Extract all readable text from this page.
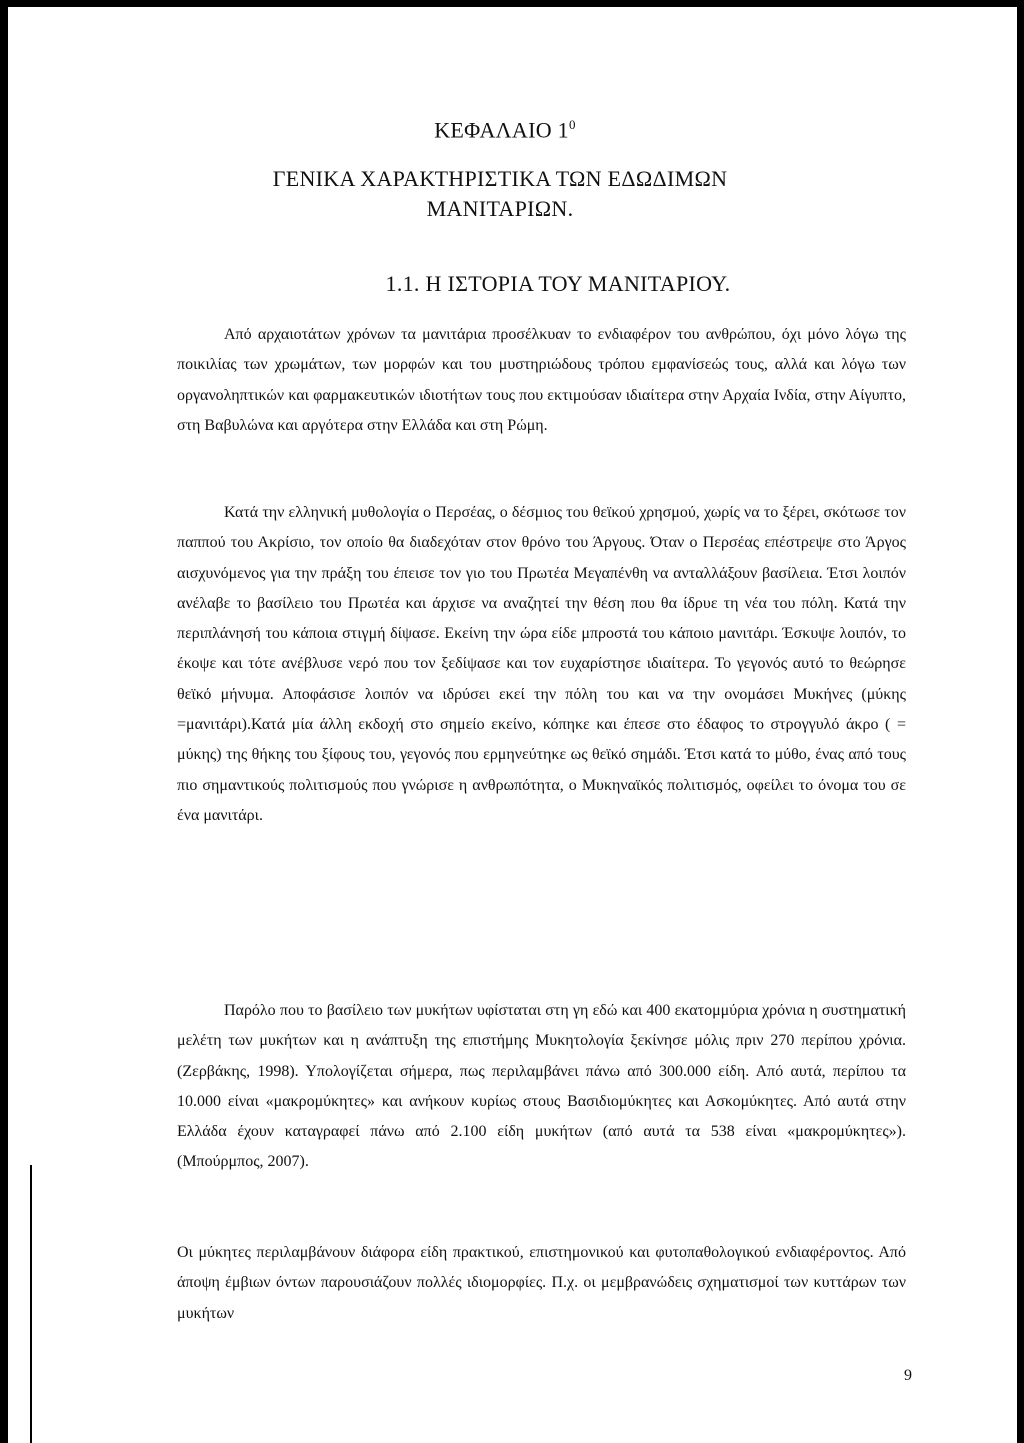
ΚΕΦΑΛΑΙΟ $1^0$
ΓΕΝΙΚΑ ΧΑΡΑΚΤΗΡΙΣΤΙΚΑ ΤΩΝ ΕΔΩΔΙΜΩΝ
ΜΑΝΙΤΑΡΙΩΝ.
1.1. Η ΙΣΤΟΡΙΑ ΤΟΥ ΜΑΝΙΤΑΡΙΟΥ.

Από αρχαιοτάτων χρόνων τα μανιτάρια προσέλκυαν το ενδιαφέρον του ανθρώπου, όχι μόνο λόγω της ποικιλίας των χρωμάτων, των μορφών και του μυστηριώδους τρόπου εμφανίσεώς τους, αλλά και λόγω των οργανοληπτικών και φαρμακευτικών ιδιοτήτων τους που εκτιμούσαν ιδιαίτερα στην Αρχαία Ινδία, στην Αίγυπτο, στη Βαβυλώνα και αργότερα στην Ελλάδα και στη Ρώμη.

Κατά την ελληνική μυθολογία ο Περσέας, ο δέσμιος του θεϊκού χρησμού, χωρίς να το ξέρει, σκότωσε τον παππού του Ακρίσιο, τον οποίο θα διαδεχόταν στον θρόνο του Άργους. Όταν ο Περσέας επέστρεψε στο Άργος αισχυνόμενος για την πράξη του έπεισε τον γιο του Πρωτέα Μεγαπένθη να ανταλλάξουν βασίλεια. Έτσι λοιπόν ανέλαβε το βασίλειο του Πρωτέα και άρχισε να αναζητεί την θέση που θα ίδρυε τη νέα του πόλη. Κατά την περιπλάνησή του κάποια στιγμή δίψασε. Εκείνη την ώρα είδε μπροστά του κάποιο μανιτάρι. Έσκυψε λοιπόν, το έκοψε και τότε ανέβλυσε νερό που τον ξεδίψασε και τον ευχαρίστησε ιδιαίτερα. Το γεγονός αυτό το θεώρησε θεϊκό μήνυμα. Αποφάσισε λοιπόν να ιδρύσει εκεί την πόλη του και να την ονομάσει Μυκήνες (μύκης =μανιτάρι).Κατά μία άλλη εκδοχή στο σημείο εκείνο, κόπηκε και έπεσε στο έδαφος το στρογγυλό άκρο ( = μύκης) της θήκης του ξίφους του, γεγονός που ερμηνεύτηκε ως θεϊκό σημάδι. Έτσι κατά το μύθο, ένας από τους πιο σημαντικούς πολιτισμούς που γνώρισε η ανθρωπότητα, ο Μυκηναϊκός πολιτισμός, οφείλει το όνομα του σε ένα μανιτάρι.

Παρόλο που το βασίλειο των μυκήτων υφίσταται στη γη εδώ και 400 εκατομμύρια χρόνια η συστηματική μελέτη των μυκήτων και η ανάπτυξη της επιστήμης Μυκητολογία ξεκίνησε μόλις πριν 270 περίπου χρόνια. (Ζερβάκης, 1998). Υπολογίζεται σήμερα, πως περιλαμβάνει πάνω από 300.000 είδη. Από αυτά, περίπου τα 10.000 είναι «μακρομύκητες» και ανήκουν κυρίως στους Βασιδιομύκητες και Ασκομύκητες. Από αυτά στην Ελλάδα έχουν καταγραφεί πάνω από 2.100 είδη μυκήτων (από αυτά τα 538 είναι «μακρομύκητες»). (Μπούρμπος, 2007).

Οι μύκητες περιλαμβάνουν διάφορα είδη πρακτικού, επιστημονικού και φυτοπαθολογικού ενδιαφέροντος. Από άποψη έμβιων όντων παρουσιάζουν πολλές ιδιομορφίες. Π.χ. οι μεμβρανώδεις σχηματισμοί των κυττάρων των μυκήτων

9
